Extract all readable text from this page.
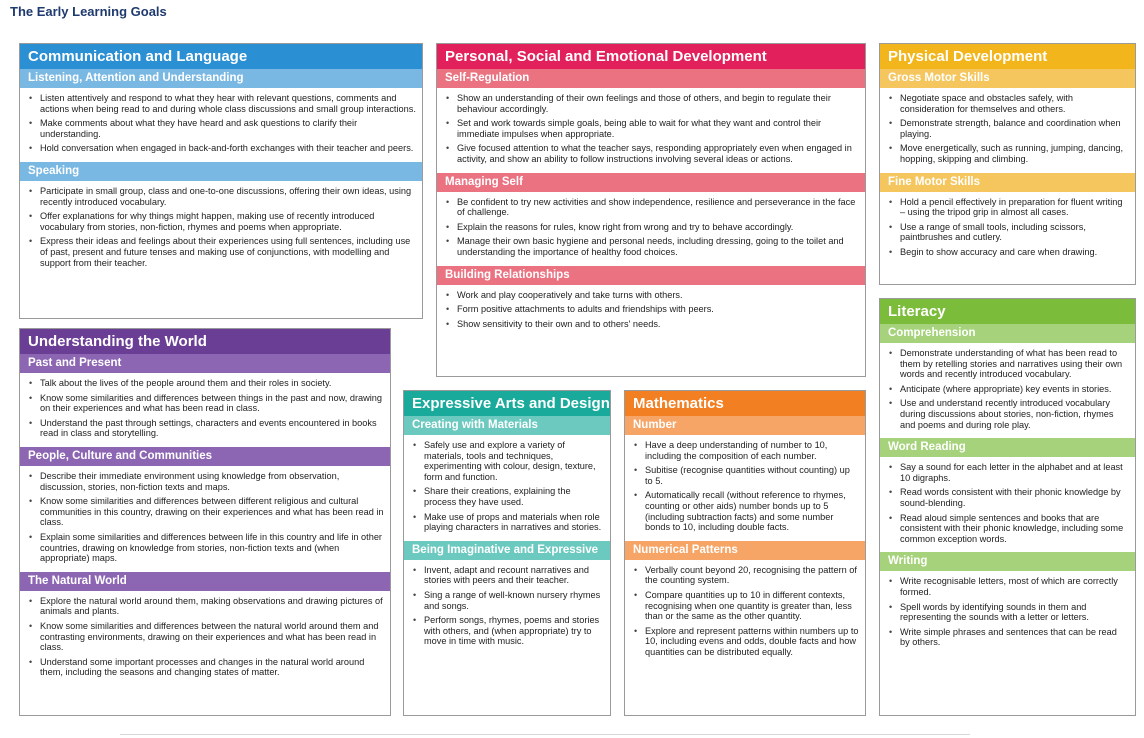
The Early Learning Goals
Communication and Language
Listening, Attention and Understanding
• Listen attentively and respond to what they hear with relevant questions, comments and actions when being read to and during whole class discussions and small group interactions.
• Make comments about what they have heard and ask questions to clarify their understanding.
• Hold conversation when engaged in back-and-forth exchanges with their teacher and peers.
Speaking
• Participate in small group, class and one-to-one discussions, offering their own ideas, using recently introduced vocabulary.
• Offer explanations for why things might happen, making use of recently introduced vocabulary from stories, non-fiction, rhymes and poems when appropriate.
• Express their ideas and feelings about their experiences using full sentences, including use of past, present and future tenses and making use of conjunctions, with modelling and support from their teacher.
Personal, Social and Emotional Development
Self-Regulation
• Show an understanding of their own feelings and those of others, and begin to regulate their behaviour accordingly.
• Set and work towards simple goals, being able to wait for what they want and control their immediate impulses when appropriate.
• Give focused attention to what the teacher says, responding appropriately even when engaged in activity, and show an ability to follow instructions involving several ideas or actions.
Managing Self
• Be confident to try new activities and show independence, resilience and perseverance in the face of challenge.
• Explain the reasons for rules, know right from wrong and try to behave accordingly.
• Manage their own basic hygiene and personal needs, including dressing, going to the toilet and understanding the importance of healthy food choices.
Building Relationships
• Work and play cooperatively and take turns with others.
• Form positive attachments to adults and friendships with peers.
• Show sensitivity to their own and to others' needs.
Physical Development
Gross Motor Skills
• Negotiate space and obstacles safely, with consideration for themselves and others.
• Demonstrate strength, balance and coordination when playing.
• Move energetically, such as running, jumping, dancing, hopping, skipping and climbing.
Fine Motor Skills
• Hold a pencil effectively in preparation for fluent writing – using the tripod grip in almost all cases.
• Use a range of small tools, including scissors, paintbrushes and cutlery.
• Begin to show accuracy and care when drawing.
Understanding the World
Past and Present
• Talk about the lives of the people around them and their roles in society.
• Know some similarities and differences between things in the past and now, drawing on their experiences and what has been read in class.
• Understand the past through settings, characters and events encountered in books read in class and storytelling.
People, Culture and Communities
• Describe their immediate environment using knowledge from observation, discussion, stories, non-fiction texts and maps.
• Know some similarities and differences between different religious and cultural communities in this country, drawing on their experiences and what has been read in class.
• Explain some similarities and differences between life in this country and life in other countries, drawing on knowledge from stories, non-fiction texts and (when appropriate) maps.
The Natural World
• Explore the natural world around them, making observations and drawing pictures of animals and plants.
• Know some similarities and differences between the natural world around them and contrasting environments, drawing on their experiences and what has been read in class.
• Understand some important processes and changes in the natural world around them, including the seasons and changing states of matter.
Expressive Arts and Design
Creating with Materials
• Safely use and explore a variety of materials, tools and techniques, experimenting with colour, design, texture, form and function.
• Share their creations, explaining the process they have used.
• Make use of props and materials when role playing characters in narratives and stories.
Being Imaginative and Expressive
• Invent, adapt and recount narratives and stories with peers and their teacher.
• Sing a range of well-known nursery rhymes and songs.
• Perform songs, rhymes, poems and stories with others, and (when appropriate) try to move in time with music.
Mathematics
Number
• Have a deep understanding of number to 10, including the composition of each number.
• Subitise (recognise quantities without counting) up to 5.
• Automatically recall (without reference to rhymes, counting or other aids) number bonds up to 5 (including subtraction facts) and some number bonds to 10, including double facts.
Numerical Patterns
• Verbally count beyond 20, recognising the pattern of the counting system.
• Compare quantities up to 10 in different contexts, recognising when one quantity is greater than, less than or the same as the other quantity.
• Explore and represent patterns within numbers up to 10, including evens and odds, double facts and how quantities can be distributed equally.
Literacy
Comprehension
• Demonstrate understanding of what has been read to them by retelling stories and narratives using their own words and recently introduced vocabulary.
• Anticipate (where appropriate) key events in stories.
• Use and understand recently introduced vocabulary during discussions about stories, non-fiction, rhymes and poems and during role play.
Word Reading
• Say a sound for each letter in the alphabet and at least 10 digraphs.
• Read words consistent with their phonic knowledge by sound-blending.
• Read aloud simple sentences and books that are consistent with their phonic knowledge, including some common exception words.
Writing
• Write recognisable letters, most of which are correctly formed.
• Spell words by identifying sounds in them and representing the sounds with a letter or letters.
• Write simple phrases and sentences that can be read by others.
